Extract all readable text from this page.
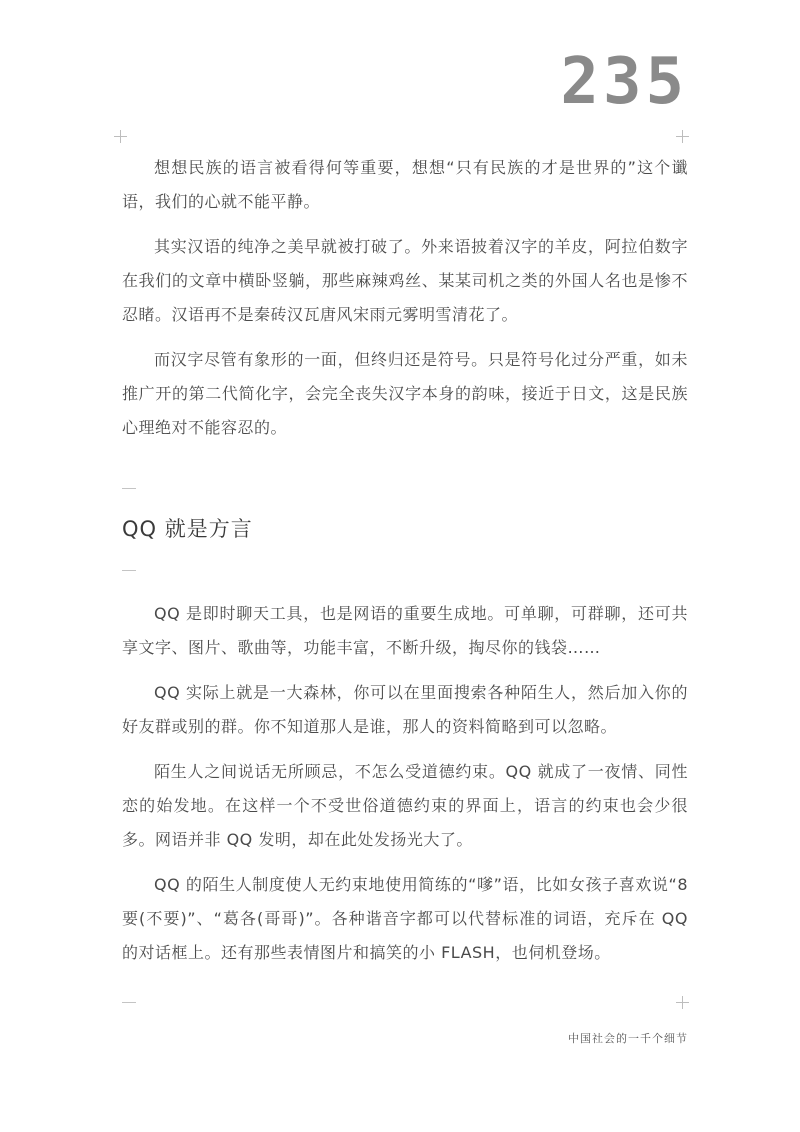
235

想想民族的语言被看得何等重要，想想“只有民族的才是世界的”这个谶语，我们的心就不能平静。

其实汉语的纯净之美早就被打破了。外来语披着汉字的羊皮，阿拉伯数字在我们的文章中横卧竖躺，那些麻辣鸡丝、某某司机之类的外国人名也是惨不忍睹。汉语再不是秦砖汉瓦唐风宋雨元雾明雪清花了。

而汉字尽管有象形的一面，但终归还是符号。只是符号化过分严重，如未推广开的第二代简化字，会完全丧失汉字本身的韵味，接近于日文，这是民族心理绝对不能容忍的。

QQ 就是方言

QQ 是即时聊天工具，也是网语的重要生成地。可单聊，可群聊，还可共享文字、图片、歌曲等，功能丰富，不断升级，掏尽你的钱袋……

QQ 实际上就是一大森林，你可以在里面搜索各种陌生人，然后加入你的好友群或别的群。你不知道那人是谁，那人的资料简略到可以忽略。

陌生人之间说话无所顾忌，不怎么受道德约束。QQ 就成了一夜情、同性恋的始发地。在这样一个不受世俗道德约束的界面上，语言的约束也会少很多。网语并非 QQ 发明，却在此处发扬光大了。

QQ 的陌生人制度使人无约束地使用简练的“嗲”语，比如女孩子喜欢说“8 要(不要)”、“葛各(哥哥)”。各种谐音字都可以代替标准的词语，充斥在 QQ 的对话框上。还有那些表情图片和搞笑的小 FLASH，也伺机登场。

中国社会的一千个细节
